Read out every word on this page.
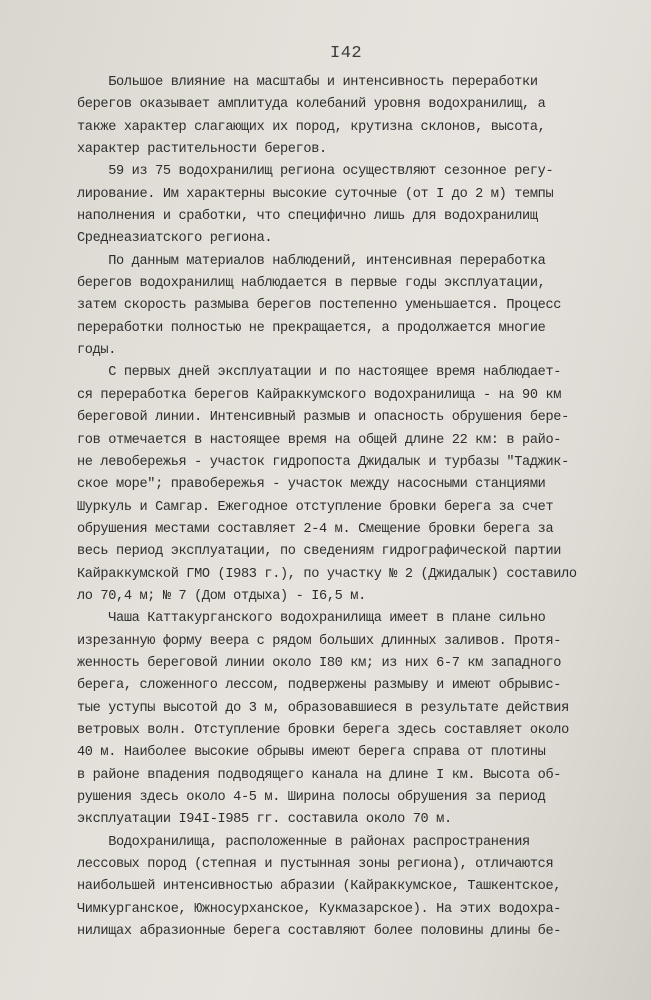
I42
Большое влияние на масштабы и интенсивность переработки
берегов оказывает амплитуда колебаний уровня водохранилищ, а
также характер слагающих их пород, крутизна склонов, высота,
характер растительности берегов.
59 из 75 водохранилищ региона осуществляют сезонное регу-
лирование. Им характерны высокие суточные (от I до 2 м) темпы
наполнения и сработки, что специфично лишь для водохранилищ
Среднеазиатского региона.
По данным материалов наблюдений, интенсивная переработка
берегов водохранилищ наблюдается в первые годы эксплуатации,
затем скорость размыва берегов постепенно уменьшается. Процесс
переработки полностью не прекращается, а продолжается многие
годы.
С первых дней эксплуатации и по настоящее время наблюдает-
ся переработка берегов Кайраккумского водохранилища - на 90 км
береговой линии. Интенсивный размыв и опасность обрушения бере-
гов отмечается в настоящее время на общей длине 22 км: в райо-
не левобережья - участок гидропоста Джидалык и турбазы "Таджик-
ское море"; правобережья - участок между насосными станциями
Шуркуль и Самгар. Ежегодное отступление бровки берега за счет
обрушения местами составляет 2-4 м. Смещение бровки берега за
весь период эксплуатации, по сведениям гидрографической партии
Кайраккумской ГМО (I983 г.), по участку № 2 (Джидалык) составило
ло 70,4 м; № 7 (Дом отдыха) - I6,5 м.
Чаша Каттакурганского водохранилища имеет в плане сильно
изрезанную форму веера с рядом больших длинных заливов. Протя-
женность береговой линии около I80 км; из них 6-7 км западного
берега, сложенного лессом, подвержены размыву и имеют обрывис-
тые уступы высотой до 3 м, образовавшиеся в результате действия
ветровых волн. Отступление бровки берега здесь составляет около
40 м. Наиболее высокие обрывы имеют берега справа от плотины
в районе впадения подводящего канала на длине I км. Высота об-
рушения здесь около 4-5 м. Ширина полосы обрушения за период
эксплуатации I94I-I985 гг. составила около 70 м.
Водохранилища, расположенные в районах распространения
лессовых пород (степная и пустынная зоны региона), отличаются
наибольшей интенсивностью абразии (Кайраккумское, Ташкентское,
Чимкурганское, Южносурханское, Кукмазарское). На этих водохра-
нилищах абразионные берега составляют более половины длины бе-
